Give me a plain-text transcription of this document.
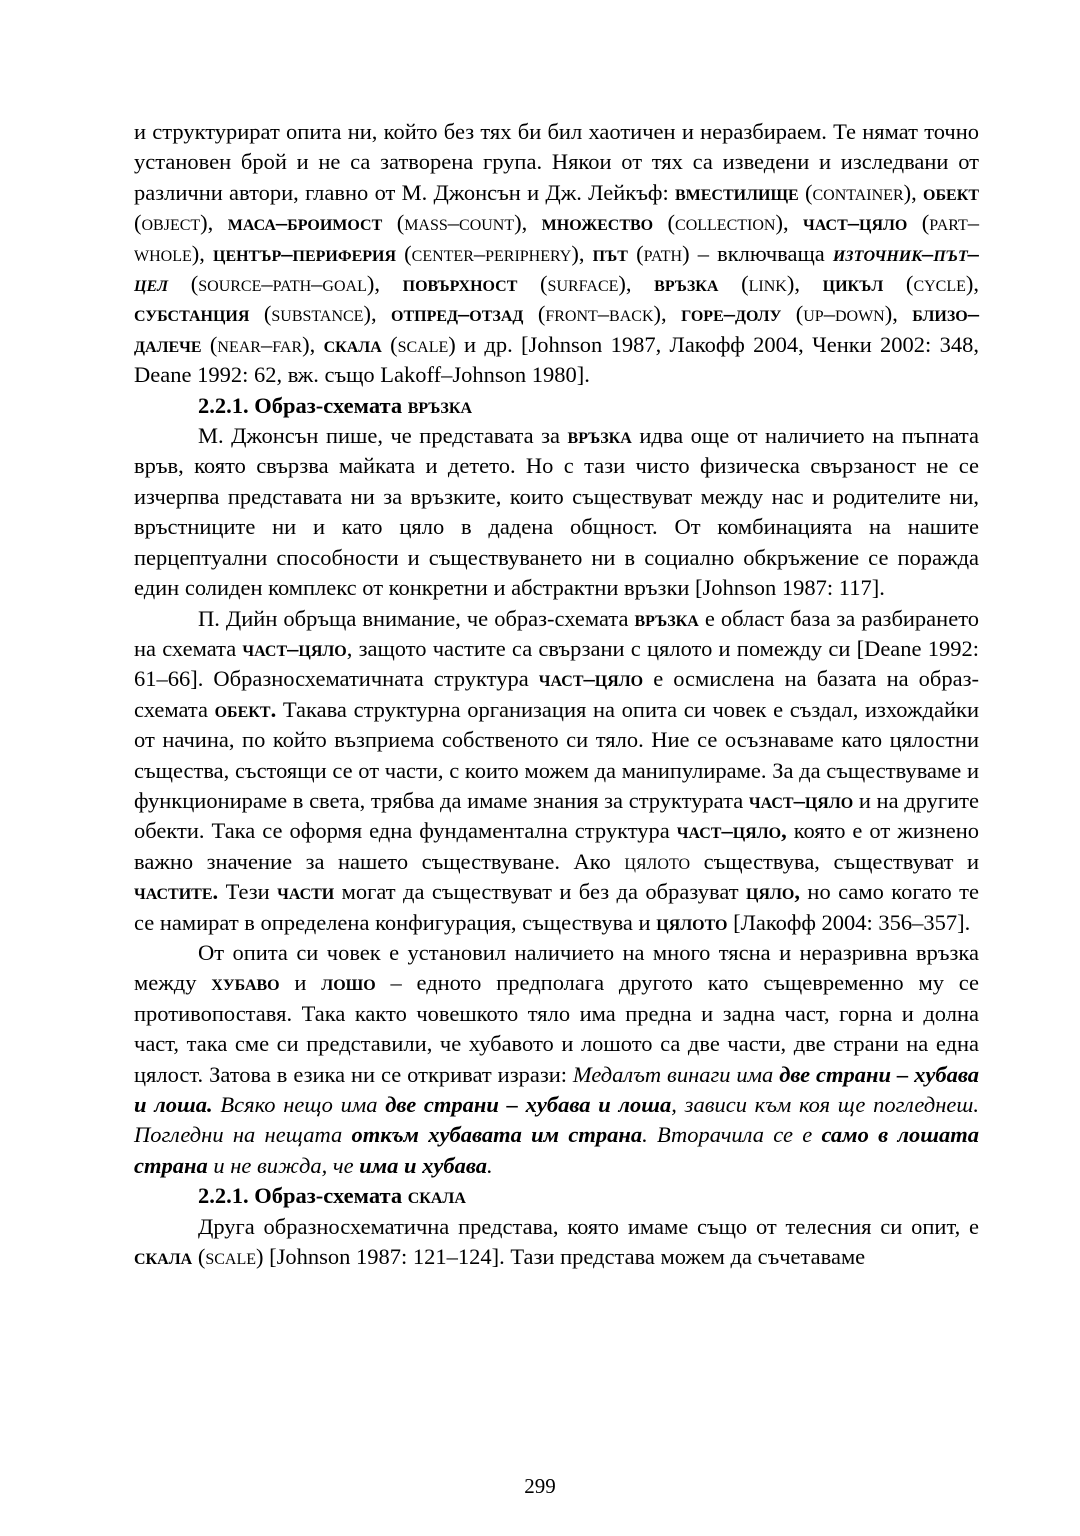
и структурират опита ни, който без тях би бил хаотичен и неразбираем. Те нямат точно установен брой и не са затворена група. Някои от тях са изведени и изследвани от различни автори, главно от М. Джонсън и Дж. Лейкъф: вместилище (container), обект (object), маса–броимост (mass–count), множество (collection), част–цяло (part–whole), център–периферия (center–periphery), път (path) – включваща източник–път–цел (source–path–goal), повърхност (surface), връзка (link), цикъл (cycle), субстанция (substance), отпред–отзад (front–back), горе–долу (up–down), близо–далече (near–far), скала (scale) и др. [Johnson 1987, Лакофф 2004, Ченки 2002: 348, Deane 1992: 62, вж. също Lakoff–Johnson 1980].

2.2.1. Образ-схемата връзка

М. Джонсън пише, че представата за връзка идва още от наличието на пъпната връв, която свързва майката и детето. Но с тази чисто физическа свързаност не се изчерпва представата ни за връзките, които съществуват между нас и родителите ни, връстниците ни и като цяло в дадена общност. От комбинацията на нашите перцептуални способности и съществуването ни в социално обкръжение се поражда един солиден комплекс от конкретни и абстрактни връзки [Johnson 1987: 117].

П. Дийн обръща внимание, че образ-схемата връзка е област база за разбирането на схемата част–цяло, защото частите са свързани с цялото и помежду си [Deane 1992: 61–66]. Образносхематичната структура част–цяло е осмислена на базата на образ-схемата обект. Такава структурна организация на опита си човек е създал, изхождайки от начина, по който възприема собственото си тяло. Ние се осъзнаваме като цялостни същества, състоящи се от части, с които можем да манипулираме. За да съществуваме и функционираме в света, трябва да имаме знания за структурата част–цяло и на другите обекти. Така се оформя една фундаментална структура част–цяло, която е от жизнено важно значение за нашето съществуване. Ако цялото съществува, съществуват и частите. Тези части могат да съществуват и без да образуват цяло, но само когато те се намират в определена конфигурация, съществува и цялото [Лакофф 2004: 356–357].

От опита си човек е установил наличието на много тясна и неразривна връзка между хубаво и лошо – едното предполага другото като същевременно му се противопоставя. Така както човешкото тяло има предна и задна част, горна и долна част, така сме си представили, че хубавото и лошото са две части, две страни на една цялост. Затова в езика ни се откриват изрази: Медалът винаги има две страни – хубава и лоша. Всяко нещо има две страни – хубава и лоша, зависи към коя ще погледнеш. Погледни на нещата откъм хубавата им страна. Вторачила се е само в лошата страна и не вижда, че има и хубава.

2.2.1. Образ-схемата скала

Друга образносхематична представа, която имаме също от телесния си опит, е скала (scale) [Johnson 1987: 121–124]. Тази представа можем да съчетаваме

299
